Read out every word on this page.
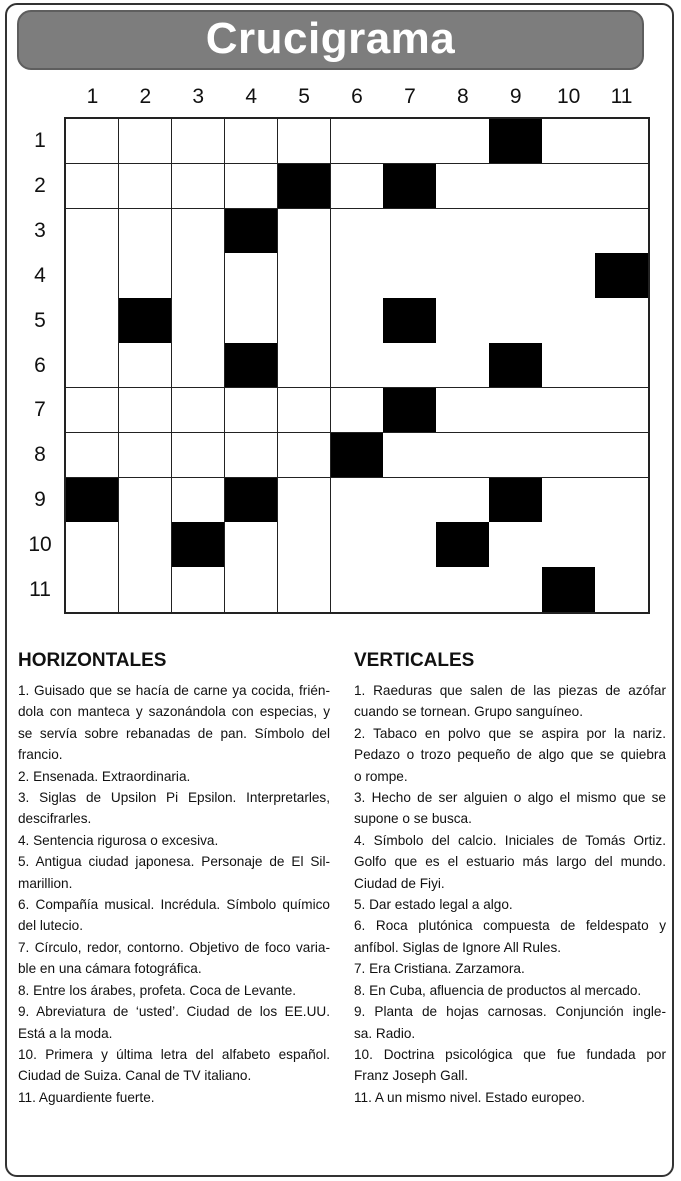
Crucigrama
1	2	3	4	5	6	7	8	9	10	11
1
2
3
4
5
6
7
8
9
10
11
HORIZONTALES
1. Guisado que se hacía de carne ya cocida, frién-
dola con manteca y sazonándola con especias, y
se servía sobre rebanadas de pan. Símbolo del
francio.
2. Ensenada. Extraordinaria.
3. Siglas de Upsilon Pi Epsilon. Interpretarles,
descifrarles.
4. Sentencia rigurosa o excesiva.
5. Antigua ciudad japonesa. Personaje de El Sil-
marillion.
6. Compañía musical. Incrédula. Símbolo químico
del lutecio.
7. Círculo, redor, contorno. Objetivo de foco varia-
ble en una cámara fotográfica.
8. Entre los árabes, profeta. Coca de Levante.
9. Abreviatura de ‘usted’. Ciudad de los EE.UU.
Está a la moda.
10. Primera y última letra del alfabeto español.
Ciudad de Suiza. Canal de TV italiano.
11. Aguardiente fuerte.
VERTICALES
1. Raeduras que salen de las piezas de azófar
cuando se tornean. Grupo sanguíneo.
2. Tabaco en polvo que se aspira por la nariz.
Pedazo o trozo pequeño de algo que se quiebra
o rompe.
3. Hecho de ser alguien o algo el mismo que se
supone o se busca.
4. Símbolo del calcio. Iniciales de Tomás Ortiz.
Golfo que es el estuario más largo del mundo.
Ciudad de Fiyi.
5. Dar estado legal a algo.
6. Roca plutónica compuesta de feldespato y
anfíbol. Siglas de Ignore All Rules.
7. Era Cristiana. Zarzamora.
8. En Cuba, afluencia de productos al mercado.
9. Planta de hojas carnosas. Conjunción ingle-
sa. Radio.
10. Doctrina psicológica que fue fundada por
Franz Joseph Gall.
11. A un mismo nivel. Estado europeo.
